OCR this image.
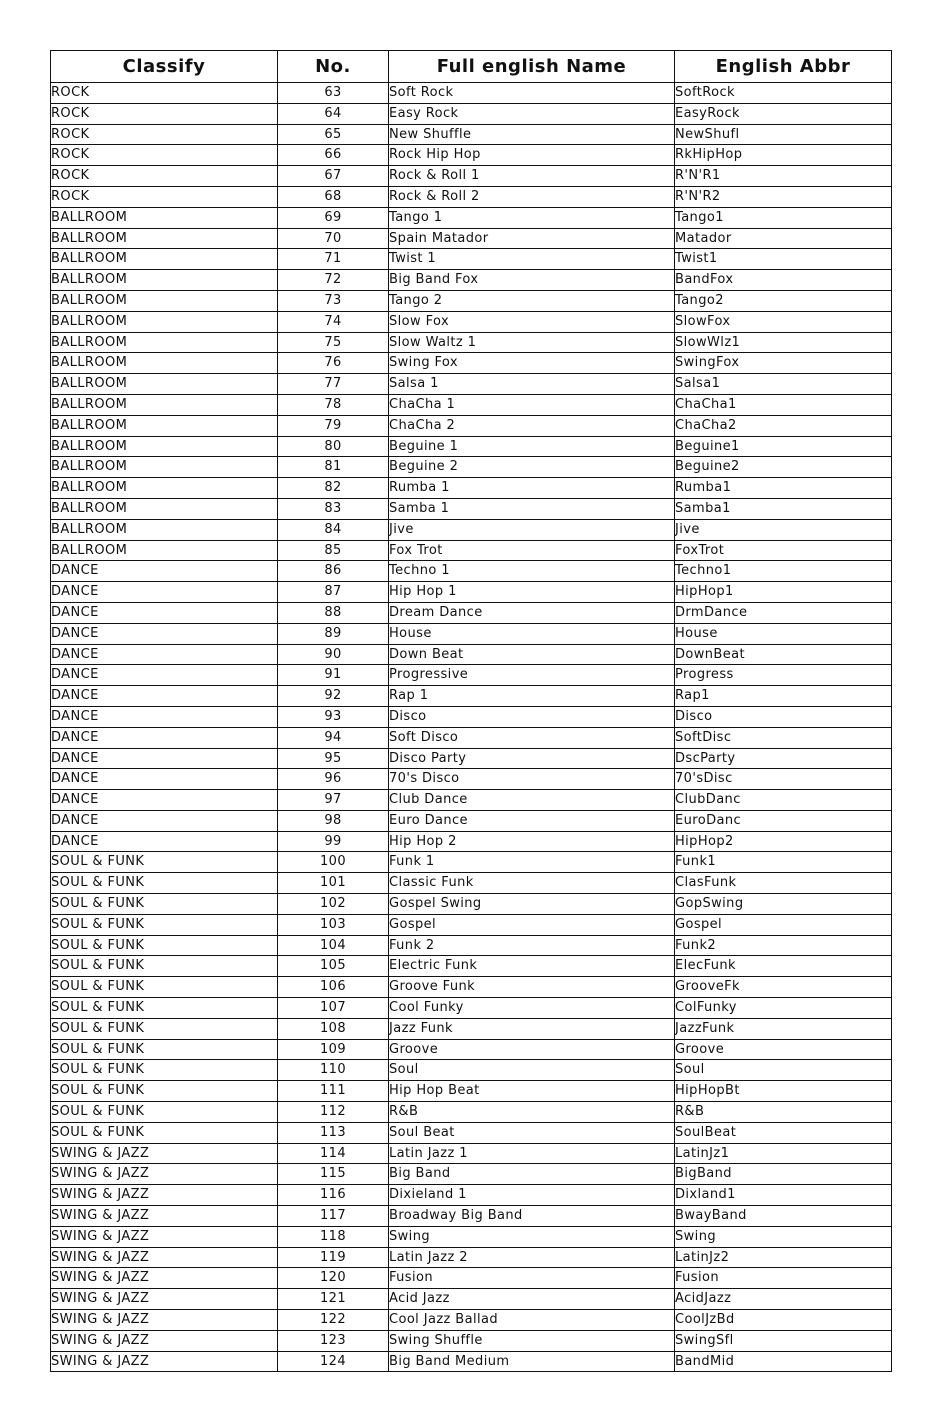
Classify	No.	Full english Name	English Abbr
ROCK	63	Soft Rock	SoftRock
ROCK	64	Easy Rock	EasyRock
ROCK	65	New Shuffle	NewShufl
ROCK	66	Rock Hip Hop	RkHipHop
ROCK	67	Rock & Roll 1	R'N'R1
ROCK	68	Rock & Roll 2	R'N'R2
BALLROOM	69	Tango 1	Tango1
BALLROOM	70	Spain Matador	Matador
BALLROOM	71	Twist 1	Twist1
BALLROOM	72	Big Band Fox	BandFox
BALLROOM	73	Tango 2	Tango2
BALLROOM	74	Slow Fox	SlowFox
BALLROOM	75	Slow Waltz 1	SlowWlz1
BALLROOM	76	Swing Fox	SwingFox
BALLROOM	77	Salsa 1	Salsa1
BALLROOM	78	ChaCha 1	ChaCha1
BALLROOM	79	ChaCha 2	ChaCha2
BALLROOM	80	Beguine 1	Beguine1
BALLROOM	81	Beguine 2	Beguine2
BALLROOM	82	Rumba 1	Rumba1
BALLROOM	83	Samba 1	Samba1
BALLROOM	84	Jive	Jive
BALLROOM	85	Fox Trot	FoxTrot
DANCE	86	Techno 1	Techno1
DANCE	87	Hip Hop 1	HipHop1
DANCE	88	Dream Dance	DrmDance
DANCE	89	House	House
DANCE	90	Down Beat	DownBeat
DANCE	91	Progressive	Progress
DANCE	92	Rap 1	Rap1
DANCE	93	Disco	Disco
DANCE	94	Soft Disco	SoftDisc
DANCE	95	Disco Party	DscParty
DANCE	96	70's Disco	70'sDisc
DANCE	97	Club Dance	ClubDanc
DANCE	98	Euro Dance	EuroDanc
DANCE	99	Hip Hop 2	HipHop2
SOUL & FUNK	100	Funk 1	Funk1
SOUL & FUNK	101	Classic Funk	ClasFunk
SOUL & FUNK	102	Gospel Swing	GopSwing
SOUL & FUNK	103	Gospel	Gospel
SOUL & FUNK	104	Funk 2	Funk2
SOUL & FUNK	105	Electric Funk	ElecFunk
SOUL & FUNK	106	Groove Funk	GrooveFk
SOUL & FUNK	107	Cool Funky	ColFunky
SOUL & FUNK	108	Jazz Funk	JazzFunk
SOUL & FUNK	109	Groove	Groove
SOUL & FUNK	110	Soul	Soul
SOUL & FUNK	111	Hip Hop Beat	HipHopBt
SOUL & FUNK	112	R&B	R&B
SOUL & FUNK	113	Soul Beat	SoulBeat
SWING & JAZZ	114	Latin Jazz 1	LatinJz1
SWING & JAZZ	115	Big Band	BigBand
SWING & JAZZ	116	Dixieland 1	Dixland1
SWING & JAZZ	117	Broadway Big Band	BwayBand
SWING & JAZZ	118	Swing	Swing
SWING & JAZZ	119	Latin Jazz 2	LatinJz2
SWING & JAZZ	120	Fusion	Fusion
SWING & JAZZ	121	Acid Jazz	AcidJazz
SWING & JAZZ	122	Cool Jazz Ballad	CoolJzBd
SWING & JAZZ	123	Swing Shuffle	SwingSfl
SWING & JAZZ	124	Big Band Medium	BandMid
